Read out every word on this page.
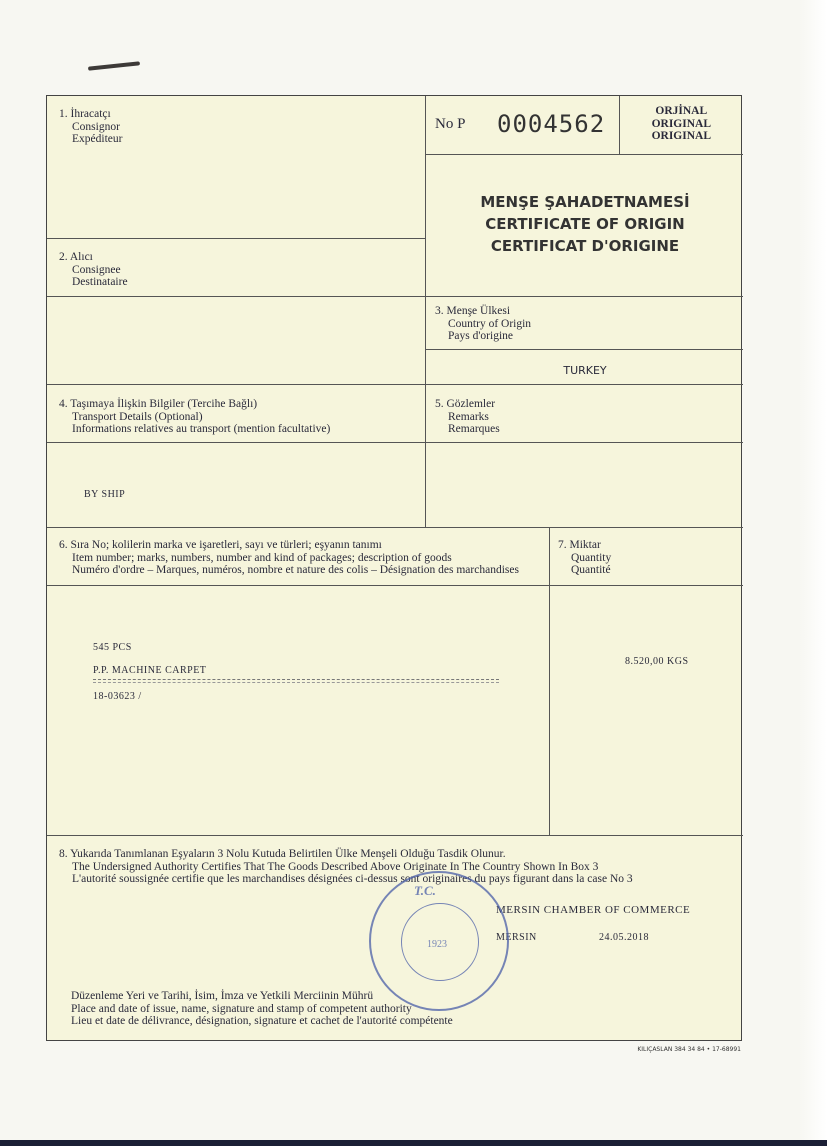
1. İhracatçı
Consignor
Expéditeur
No P 0004562	ORJİNAL
ORIGINAL
ORIGINAL
MENŞE ŞAHADETNAMESİ
CERTIFICATE OF ORIGIN
CERTIFICAT D'ORIGINE
2. Alıcı
Consignee
Destinataire
3. Menşe Ülkesi
Country of Origin
Pays d'origine
TURKEY
4. Taşımaya İlişkin Bilgiler (Tercihe Bağlı)
Transport Details (Optional)
Informations relatives au transport (mention facultative)
BY SHIP
5. Gözlemler
Remarks
Remarques
6. Sıra No; kolilerin marka ve işaretleri, sayı ve türleri; eşyanın tanımı
Item number; marks, numbers, number and kind of packages; description of goods
Numéro d'ordre – Marques, numéros, nombre et nature des colis – Désignation des marchandises
545 PCS
P.P. MACHINE CARPET
18-03623 /
7. Miktar
Quantity
Quantité
8.520,00 KGS
8. Yukarıda Tanımlanan Eşyaların 3 Nolu Kutuda Belirtilen Ülke Menşeli Olduğu Tasdik Olunur.
The Undersigned Authority Certifies That The Goods Described Above Originate In The Country Shown In Box 3
L'autorité soussignée certifie que les marchandises désignées ci-dessus sont originaires du pays figurant dans la case No 3
MERSIN CHAMBER OF COMMERCE
MERSIN	24.05.2018
T.C.
1923
Düzenleme Yeri ve Tarihi, İsim, İmza ve Yetkili Merciinin Mührü
Place and date of issue, name, signature and stamp of competent authority
Lieu et date de délivrance, désignation, signature et cachet de l'autorité compétente
KILIÇASLAN 384 34 84 • 17-68991
